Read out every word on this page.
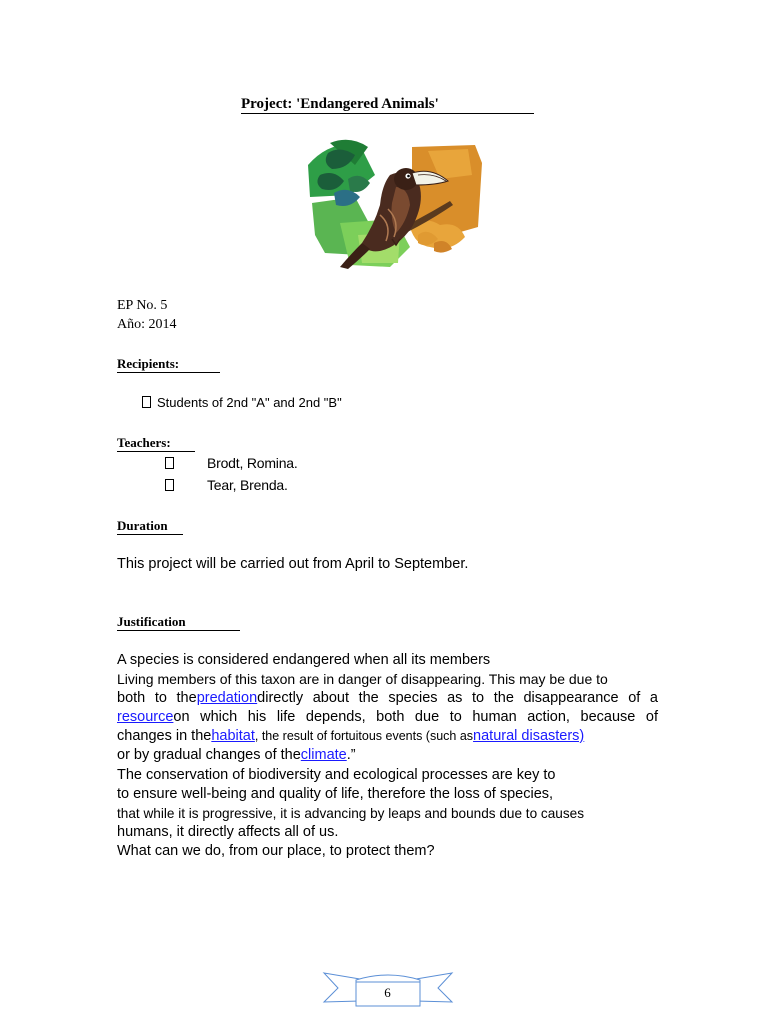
Project: 'Endangered Animals'
EP No. 5
Año: 2014
Recipients:
Students of 2nd "A" and 2nd "B"
Teachers:
Brodt, Romina.
Tear, Brenda.
Duration
This project will be carried out from April to September.
Justification
A species is considered endangered when all its members
Living members of this taxon are in danger of disappearing. This may be due to
both to thepredationdirectly about the species as to the disappearance of a
resourceon which his life depends, both due to human action, because of
changes in thehabitat, the result of fortuitous events (such asnatural disasters)
or by gradual changes of theclimate.”
The conservation of biodiversity and ecological processes are key to
to ensure well-being and quality of life, therefore the loss of species,
that while it is progressive, it is advancing by leaps and bounds due to causes
humans, it directly affects all of us.
What can we do, from our place, to protect them?
6
